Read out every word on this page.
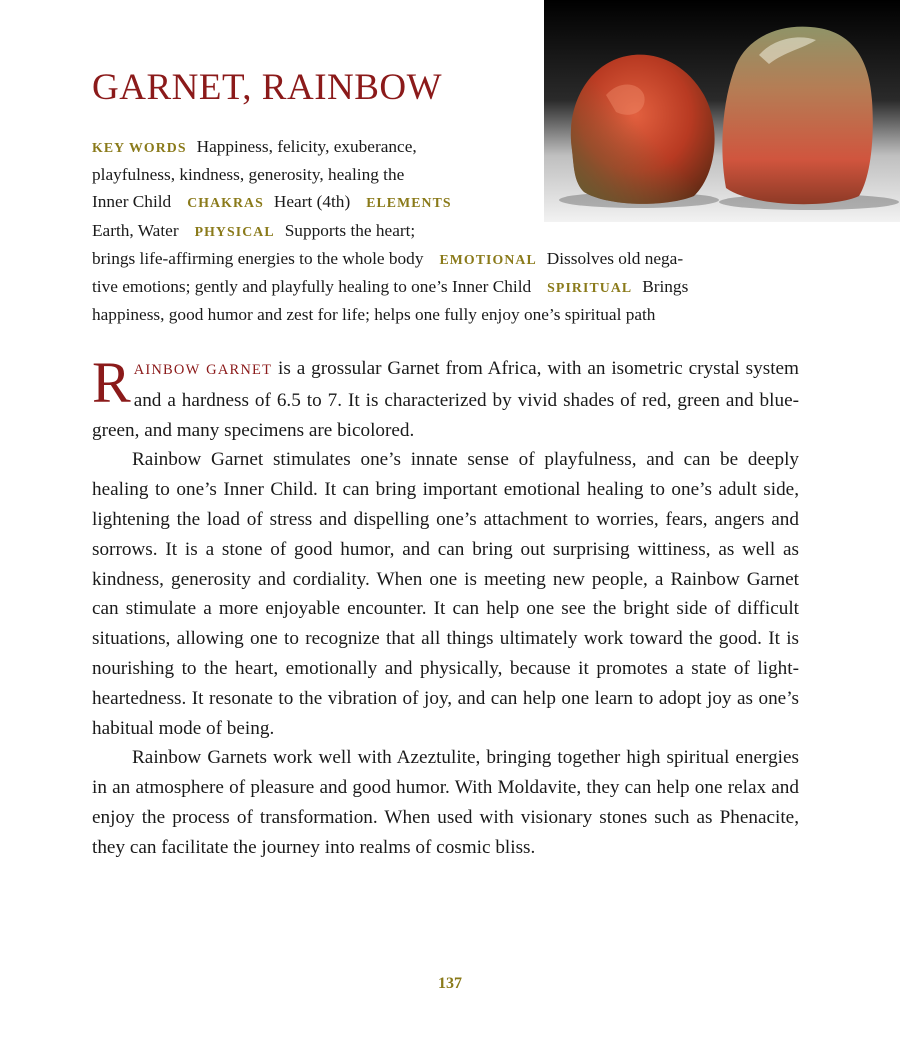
GARNET, RAINBOW
KEY WORDS Happiness, felicity, exuberance,
playfulness, kindness, generosity, healing the
Inner Child CHAKRAS Heart (4th) ELEMENTS
Earth, Water PHYSICAL Supports the heart;
brings life-affirming energies to the whole body EMOTIONAL Dissolves old nega-
tive emotions; gently and playfully healing to one’s Inner Child SPIRITUAL Brings
happiness, good humor and zest for life; helps one fully enjoy one’s spiritual path

RAINBOW GARNET is a grossular Garnet from Africa, with an isometric crystal system and a hardness of 6.5 to 7. It is characterized by vivid shades of red, green and blue-green, and many specimens are bicolored.

Rainbow Garnet stimulates one’s innate sense of playfulness, and can be deeply healing to one’s Inner Child. It can bring important emotional healing to one’s adult side, lightening the load of stress and dispelling one’s attachment to worries, fears, angers and sorrows. It is a stone of good humor, and can bring out surprising wittiness, as well as kindness, generosity and cordiality. When one is meeting new people, a Rainbow Garnet can stimulate a more enjoyable encounter. It can help one see the bright side of difficult situations, allowing one to recognize that all things ultimately work toward the good. It is nourishing to the heart, emotionally and physically, because it promotes a state of light-heartedness. It resonate to the vibration of joy, and can help one learn to adopt joy as one’s habitual mode of being.

Rainbow Garnets work well with Azeztulite, bringing together high spiritual energies in an atmosphere of pleasure and good humor. With Moldavite, they can help one relax and enjoy the process of transformation. When used with visionary stones such as Phenacite, they can facilitate the journey into realms of cosmic bliss.

137
